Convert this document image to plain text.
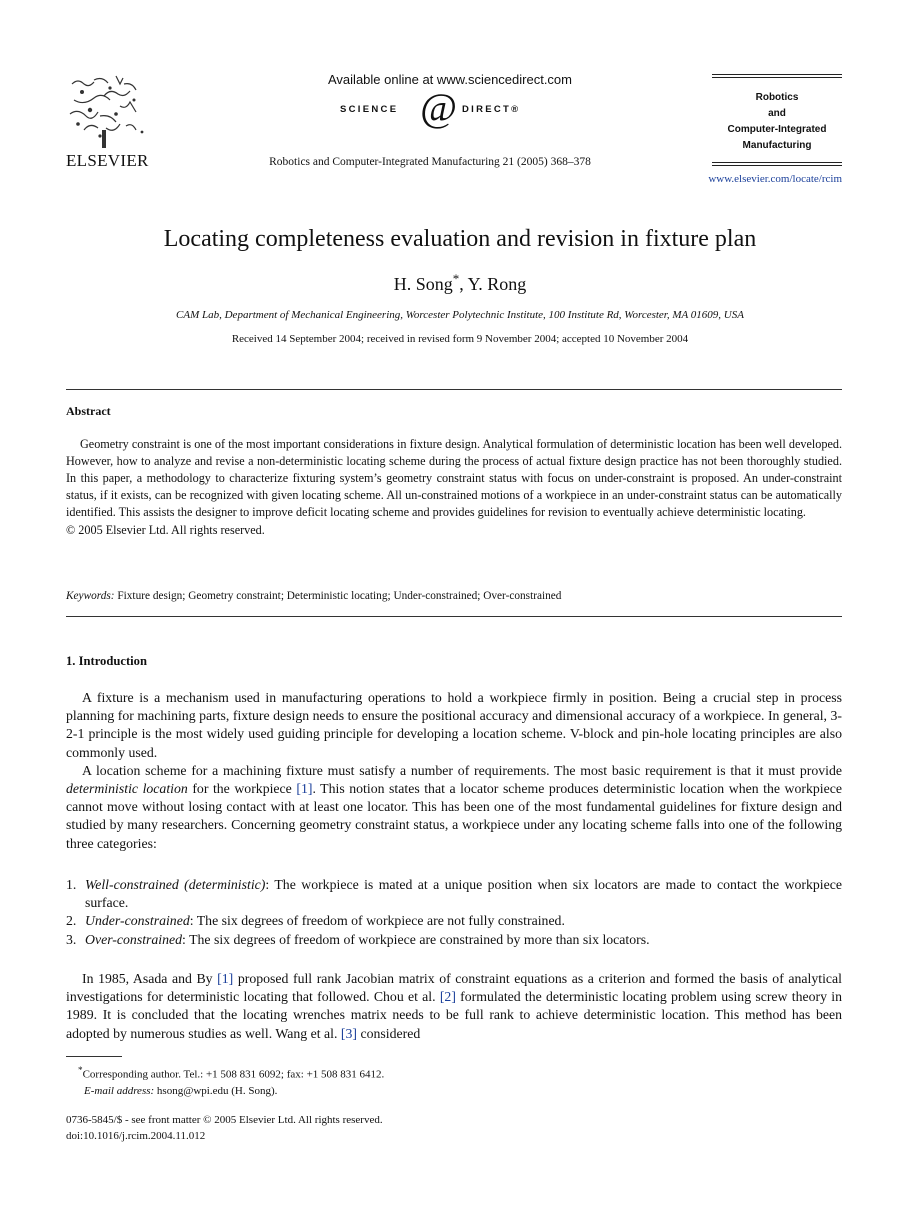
ELSEVIER
Available online at www.sciencedirect.com
SCIENCE @ DIRECT®
Robotics and Computer-Integrated Manufacturing 21 (2005) 368–378
Robotics
and
Computer-Integrated
Manufacturing
www.elsevier.com/locate/rcim
Locating completeness evaluation and revision in fixture plan
H. Song*, Y. Rong
CAM Lab, Department of Mechanical Engineering, Worcester Polytechnic Institute, 100 Institute Rd, Worcester, MA 01609, USA
Received 14 September 2004; received in revised form 9 November 2004; accepted 10 November 2004
Abstract

Geometry constraint is one of the most important considerations in fixture design. Analytical formulation of deterministic location has been well developed. However, how to analyze and revise a non-deterministic locating scheme during the process of actual fixture design practice has not been thoroughly studied. In this paper, a methodology to characterize fixturing system’s geometry constraint status with focus on under-constraint is proposed. An under-constraint status, if it exists, can be recognized with given locating scheme. All un-constrained motions of a workpiece in an under-constraint status can be automatically identified. This assists the designer to improve deficit locating scheme and provides guidelines for revision to eventually achieve deterministic locating.

© 2005 Elsevier Ltd. All rights reserved.
Keywords: Fixture design; Geometry constraint; Deterministic locating; Under-constrained; Over-constrained
1. Introduction

A fixture is a mechanism used in manufacturing operations to hold a workpiece firmly in position. Being a crucial step in process planning for machining parts, fixture design needs to ensure the positional accuracy and dimensional accuracy of a workpiece. In general, 3-2-1 principle is the most widely used guiding principle for developing a location scheme. V-block and pin-hole locating principles are also commonly used.

A location scheme for a machining fixture must satisfy a number of requirements. The most basic requirement is that it must provide deterministic location for the workpiece [1]. This notion states that a locator scheme produces deterministic location when the workpiece cannot move without losing contact with at least one locator. This has been one of the most fundamental guidelines for fixture design and studied by many researchers. Concerning geometry constraint status, a workpiece under any locating scheme falls into one of the following three categories:

1. Well-constrained (deterministic): The workpiece is mated at a unique position when six locators are made to contact the workpiece surface.
2. Under-constrained: The six degrees of freedom of workpiece are not fully constrained.
3. Over-constrained: The six degrees of freedom of workpiece are constrained by more than six locators.

In 1985, Asada and By [1] proposed full rank Jacobian matrix of constraint equations as a criterion and formed the basis of analytical investigations for deterministic locating that followed. Chou et al. [2] formulated the deterministic locating problem using screw theory in 1989. It is concluded that the locating wrenches matrix needs to be full rank to achieve deterministic location. This method has been adopted by numerous studies as well. Wang et al. [3] considered

*Corresponding author. Tel.: +1 508 831 6092; fax: +1 508 831 6412.
E-mail address: hsong@wpi.edu (H. Song).
0736-5845/$ - see front matter © 2005 Elsevier Ltd. All rights reserved.
doi:10.1016/j.rcim.2004.11.012
